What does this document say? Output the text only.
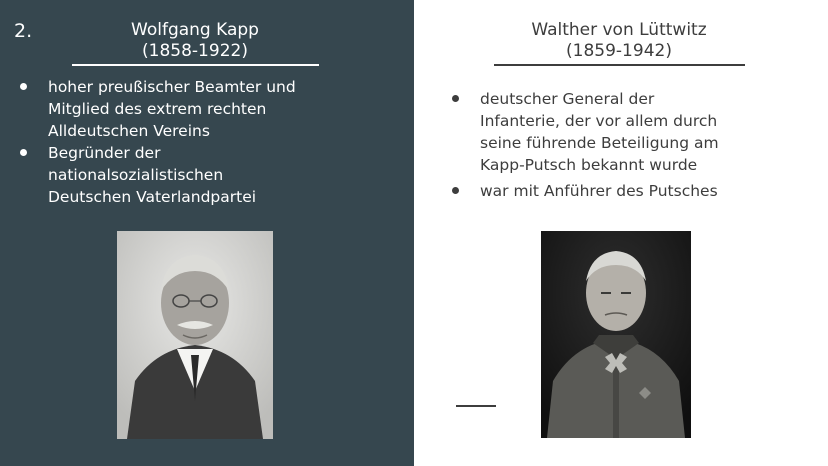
2.	Wolfgang Kapp
(1858-1922)
hoher preußischer Beamter und
Mitglied des extrem rechten
Alldeutschen Vereins
Begründer der
nationalsozialistischen
Deutschen Vaterlandpartei
Walther von Lüttwitz
(1859-1942)
deutscher General der
Infanterie, der vor allem durch
seine führende Beteiligung am
Kapp-Putsch bekannt wurde
war mit Anführer des Putsches
